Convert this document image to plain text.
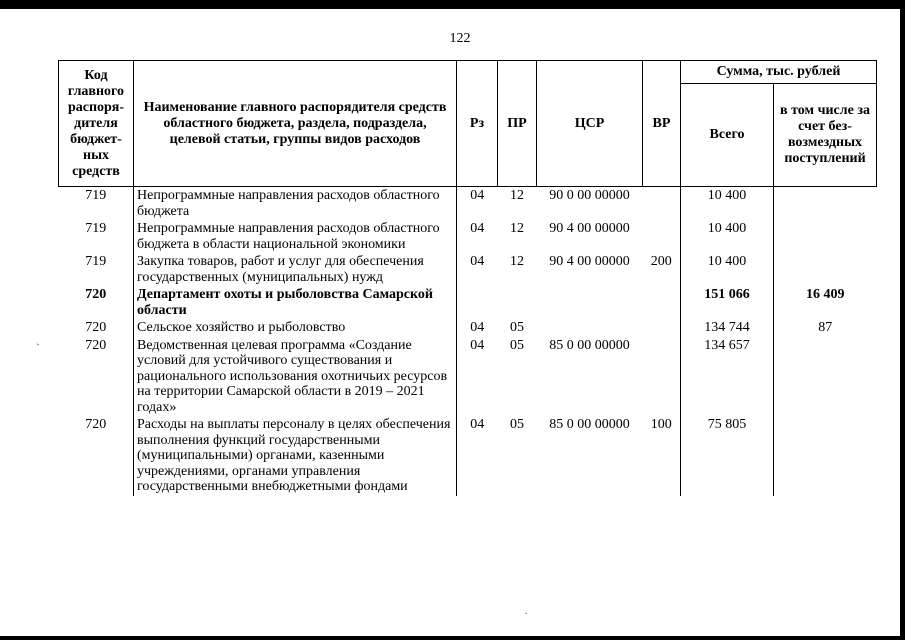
ˏ
·
122
Код главного распоря-дителя бюджет-ных средств	Наименование главного распорядителя средств областного бюджета, раздела, подраздела, целевой статьи, группы видов расходов	Рз	ПР	ЦСР	ВР	Сумма, тыс. рублей	
						Всего	в том числе за счет без-возмездных поступлений
719	Непрограммные направления расходов областного бюджета	04	12	90 0 00 00000		10 400	
719	Непрограммные направления расходов областного бюджета в области национальной экономики	04	12	90 4 00 00000		10 400	
719	Закупка товаров, работ и услуг для обеспечения государственных (муниципальных) нужд	04	12	90 4 00 00000	200	10 400	
720	Департамент охоты и рыболовства Самарской области					151 066	16 409
720	Сельское хозяйство и рыболовство	04	05			134 744	87
720	Ведомственная целевая программа «Создание условий для устойчивого существования и рационального использования охотничьих ресурсов на территории Самарской области в 2019 – 2021 годах»	04	05	85 0 00 00000		134 657	
720	Расходы на выплаты персоналу в целях обеспечения выполнения функций государственными (муниципальными) органами, казенными учреждениями, органами управления государственными внебюджетными фондами	04	05	85 0 00 00000	100	75 805	
